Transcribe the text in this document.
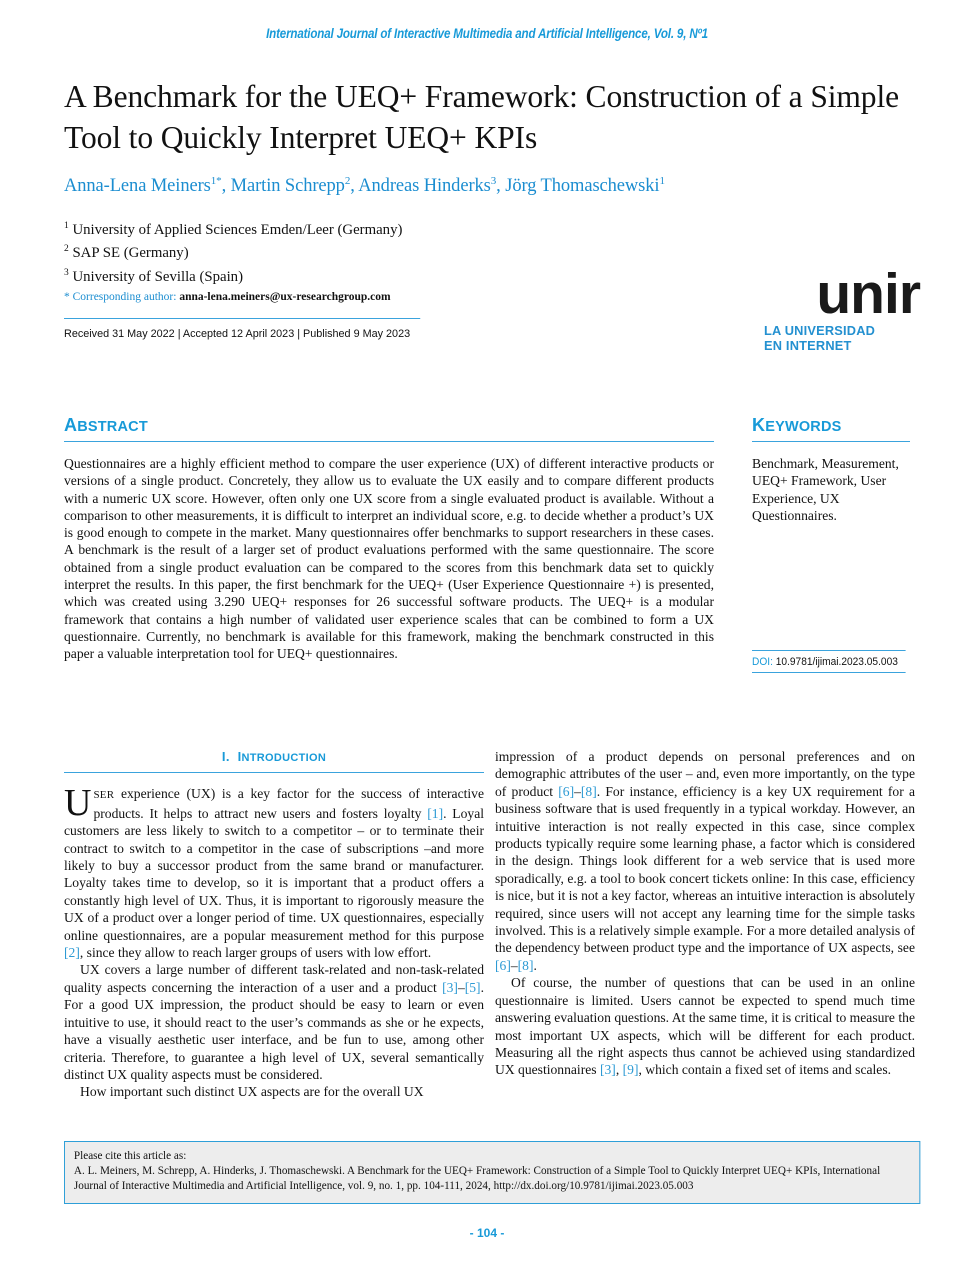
International Journal of Interactive Multimedia and Artificial Intelligence, Vol. 9, Nº1
A Benchmark for the UEQ+ Framework: Construction of a Simple Tool to Quickly Interpret UEQ+ KPIs
Anna-Lena Meiners$^{1*}$, Martin Schrepp$^2$, Andreas Hinderks$^3$, Jörg Thomaschewski$^1$
$^1$ University of Applied Sciences Emden/Leer (Germany)
$^2$ SAP SE (Germany)
$^3$ University of Sevilla (Spain)
* Corresponding author: anna-lena.meiners@ux-researchgroup.com
Received 31 May 2022 | Accepted 12 April 2023 | Published 9 May 2023
unir
LA UNIVERSIDAD
EN INTERNET
ABSTRACT
Questionnaires are a highly efficient method to compare the user experience (UX) of different interactive products or versions of a single product. Concretely, they allow us to evaluate the UX easily and to compare different products with a numeric UX score. However, often only one UX score from a single evaluated product is available. Without a comparison to other measurements, it is difficult to interpret an individual score, e.g. to decide whether a product’s UX is good enough to compete in the market. Many questionnaires offer benchmarks to support researchers in these cases. A benchmark is the result of a larger set of product evaluations performed with the same questionnaire. The score obtained from a single product evaluation can be compared to the scores from this benchmark data set to quickly interpret the results. In this paper, the first benchmark for the UEQ+ (User Experience Questionnaire +) is presented, which was created using 3.290 UEQ+ responses for 26 successful software products. The UEQ+ is a modular framework that contains a high number of validated user experience scales that can be combined to form a UX questionnaire. Currently, no benchmark is available for this framework, making the benchmark constructed in this paper a valuable interpretation tool for UEQ+ questionnaires.
KEYWORDS
Benchmark, Measurement, UEQ+ Framework, User Experience, UX Questionnaires.
DOI: 10.9781/ijimai.2023.05.003
I. INTRODUCTION

USER experience (UX) is a key factor for the success of interactive products. It helps to attract new users and fosters loyalty [1]. Loyal customers are less likely to switch to a competitor – or to terminate their contract to switch to a competitor in the case of subscriptions –and more likely to buy a successor product from the same brand or manufacturer. Loyalty takes time to develop, so it is important that a product offers a constantly high level of UX. Thus, it is important to rigorously measure the UX of a product over a longer period of time. UX questionnaires, especially online questionnaires, are a popular measurement method for this purpose [2], since they allow to reach larger groups of users with low effort.

UX covers a large number of different task-related and non-task-related quality aspects concerning the interaction of a user and a product [3]–[5]. For a good UX impression, the product should be easy to learn or even intuitive to use, it should react to the user’s commands as she or he expects, have a visually aesthetic user interface, and be fun to use, among other criteria. Therefore, to guarantee a high level of UX, several semantically distinct UX quality aspects must be considered.

How important such distinct UX aspects are for the overall UX

impression of a product depends on personal preferences and on demographic attributes of the user – and, even more importantly, on the type of product [6]–[8]. For instance, efficiency is a key UX requirement for a business software that is used frequently in a typical workday. However, an intuitive interaction is not really expected in this case, since complex products typically require some learning phase, a factor which is considered in the design. Things look different for a web service that is used more sporadically, e.g. a tool to book concert tickets online: In this case, efficiency is nice, but it is not a key factor, whereas an intuitive interaction is absolutely required, since users will not accept any learning time for the simple tasks involved. This is a relatively simple example. For a more detailed analysis of the dependency between product type and the importance of UX aspects, see [6]–[8].

Of course, the number of questions that can be used in an online questionnaire is limited. Users cannot be expected to spend much time answering evaluation questions. At the same time, it is critical to measure the most important UX aspects, which will be different for each product. Measuring all the right aspects thus cannot be achieved using standardized UX questionnaires [3], [9], which contain a fixed set of items and scales.

Please cite this article as:
A. L. Meiners, M. Schrepp, A. Hinderks, J. Thomaschewski. A Benchmark for the UEQ+ Framework: Construction of a Simple Tool to Quickly Interpret UEQ+ KPIs, International Journal of Interactive Multimedia and Artificial Intelligence, vol. 9, no. 1, pp. 104-111, 2024, http://dx.doi.org/10.9781/ijimai.2023.05.003
- 104 -
